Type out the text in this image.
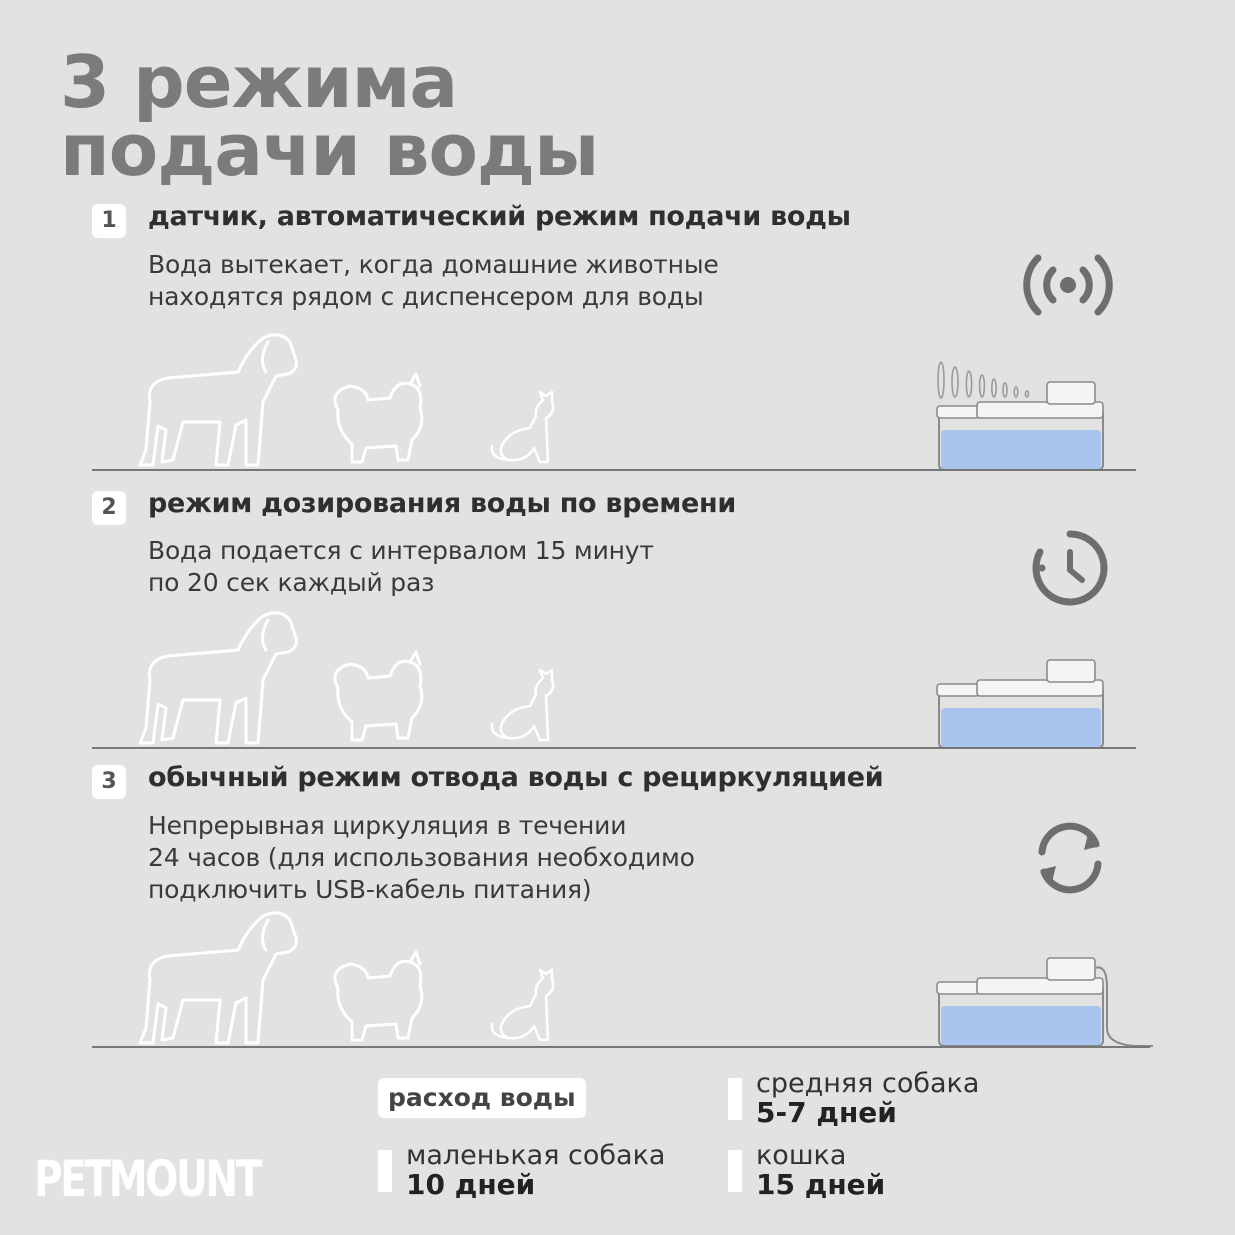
3 режима
подачи воды
1	датчик, автоматический режим подачи воды
Вода вытекает, когда домашние животные
находятся рядом с диспенсером для воды
2	режим дозирования воды по времени
Вода подается с интервалом 15 минут
по 20 сек каждый раз
3	обычный режим отвода воды с рециркуляцией
Непрерывная циркуляция в течении
24 часов (для использования необходимо
подключить USB-кабель питания)
расход воды	средняя собака
5-7 дней
маленькая собака
10 дней
кошка
15 дней
PETMOUNT
